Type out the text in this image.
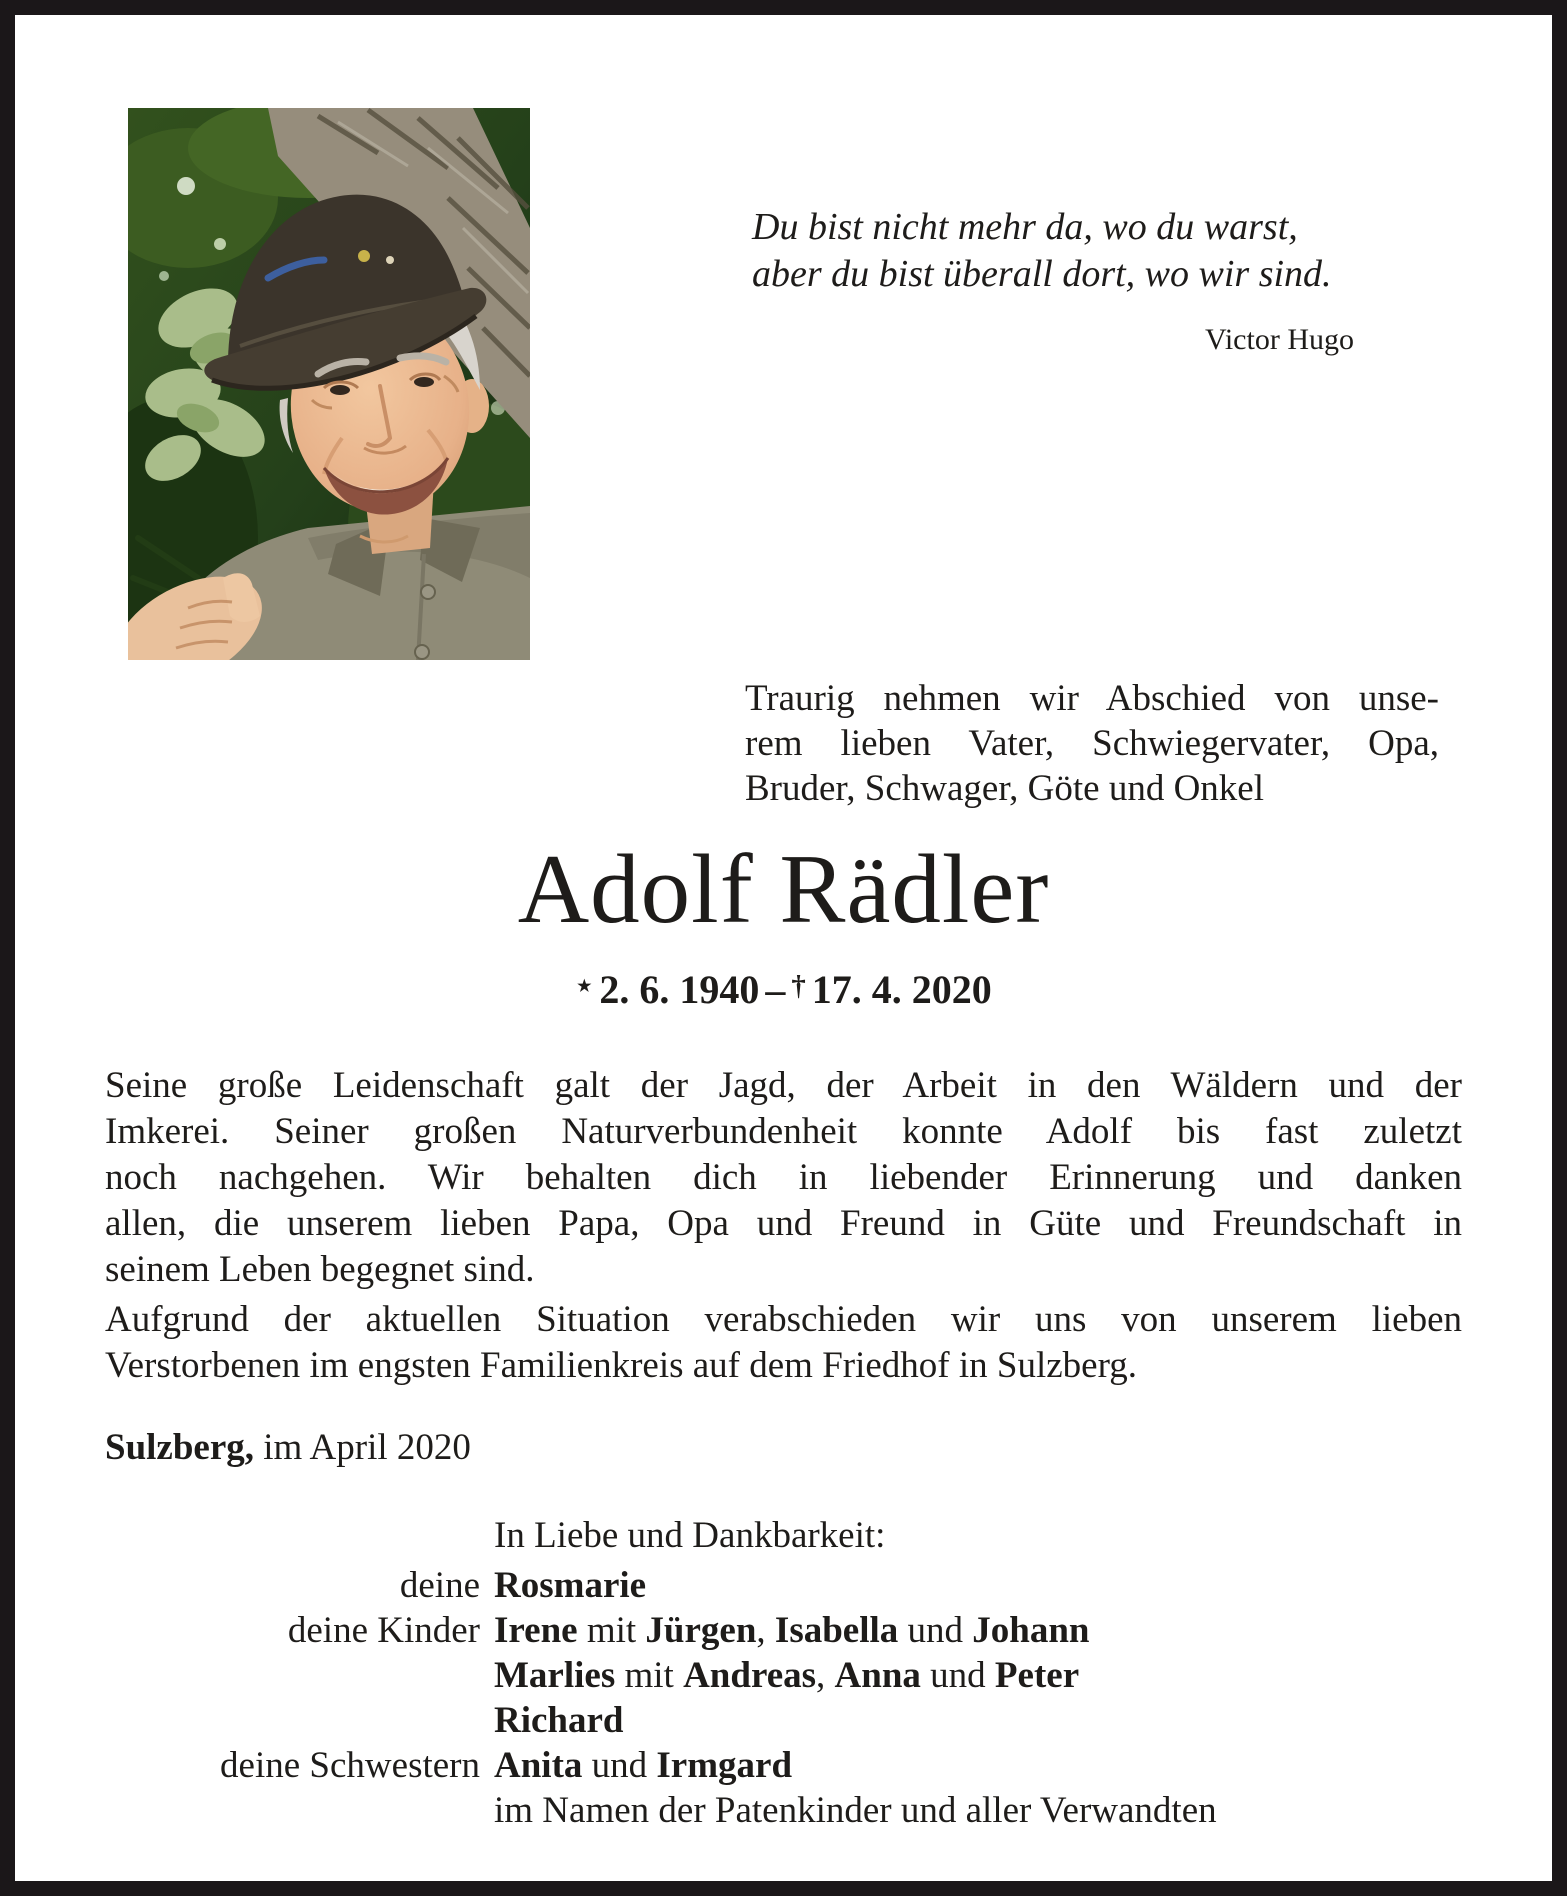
Du bist nicht mehr da, wo du warst,
aber du bist überall dort, wo wir sind.
Victor Hugo
Traurig nehmen wir Abschied von unse-
rem lieben Vater, Schwiegervater, Opa,
Bruder, Schwager, Göte und Onkel
Adolf Rädler
⋆ 2. 6. 1940 – † 17. 4. 2020
Seine große Leidenschaft galt der Jagd, der Arbeit in den Wäldern und der
Imkerei. Seiner großen Naturverbundenheit konnte Adolf bis fast zuletzt
noch nachgehen. Wir behalten dich in liebender Erinnerung und danken
allen, die unserem lieben Papa, Opa und Freund in Güte und Freundschaft in
seinem Leben begegnet sind.
Aufgrund der aktuellen Situation verabschieden wir uns von unserem lieben
Verstorbenen im engsten Familienkreis auf dem Friedhof in Sulzberg.
Sulzberg, im April 2020
In Liebe und Dankbarkeit:
deine Rosmarie
deine Kinder Irene mit Jürgen, Isabella und Johann
Marlies mit Andreas, Anna und Peter
Richard
deine Schwestern Anita und Irmgard
im Namen der Patenkinder und aller Verwandten
